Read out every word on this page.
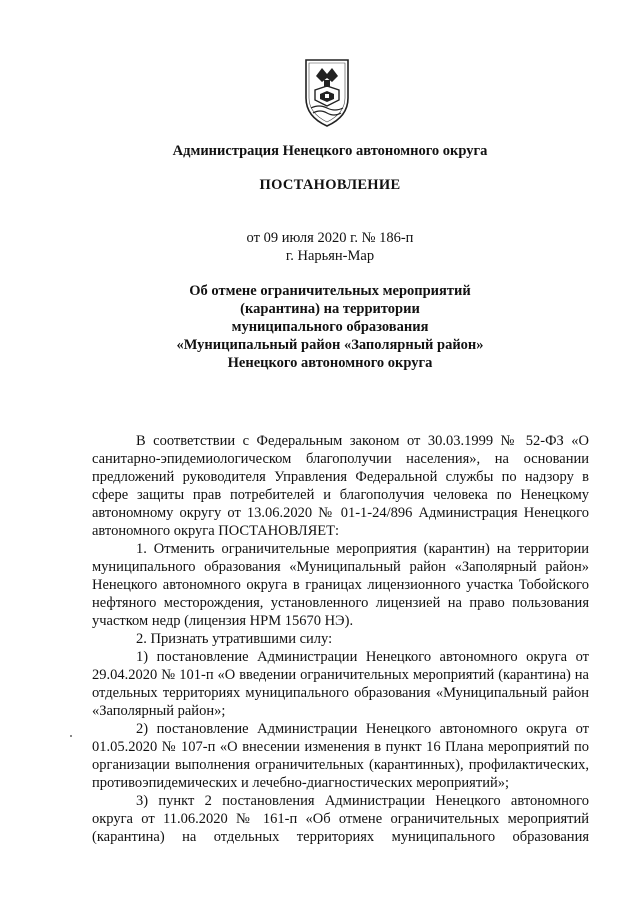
Администрация Ненецкого автономного округа
ПОСТАНОВЛЕНИЕ
от 09 июля 2020 г. № 186-п
г. Нарьян-Мар
Об отмене ограничительных мероприятий
(карантина) на территории
муниципального образования
«Муниципальный район «Заполярный район»
Ненецкого автономного округа

В соответствии с Федеральным законом от 30.03.1999 № 52-ФЗ «О санитарно-эпидемиологическом благополучии населения», на основании предложений руководителя Управления Федеральной службы по надзору в сфере защиты прав потребителей и благополучия человека по Ненецкому автономному округу от 13.06.2020 № 01-1-24/896 Администрация Ненецкого автономного округа ПОСТАНОВЛЯЕТ:

1. Отменить ограничительные мероприятия (карантин) на территории муниципального образования «Муниципальный район «Заполярный район» Ненецкого автономного округа в границах лицензионного участка Тобойского нефтяного месторождения, установленного лицензией на право пользования участком недр (лицензия НРМ 15670 НЭ).

2. Признать утратившими силу:

1) постановление Администрации Ненецкого автономного округа от 29.04.2020 № 101-п «О введении ограничительных мероприятий (карантина) на отдельных территориях муниципального образования «Муниципальный район «Заполярный район»;

2) постановление Администрации Ненецкого автономного округа от 01.05.2020 № 107-п «О внесении изменения в пункт 16 Плана мероприятий по организации выполнения ограничительных (карантинных), профилактических, противоэпидемических и лечебно-диагностических мероприятий»;

3) пункт 2 постановления Администрации Ненецкого автономного округа от 11.06.2020 № 161-п «Об отмене ограничительных мероприятий (карантина) на отдельных территориях муниципального образования
